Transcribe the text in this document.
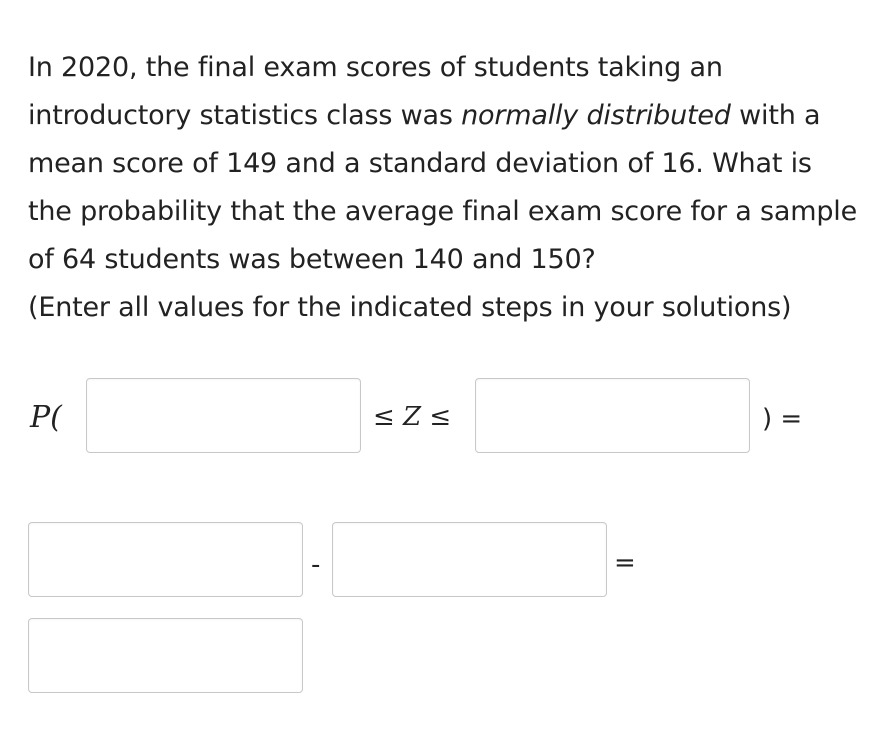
In 2020, the final exam scores of students taking an introductory statistics class was normally distributed with a mean score of 149 and a standard deviation of 16. What is the probability that the average final exam score for a sample of 64 students was between 140 and 150?

(Enter all values for the indicated steps in your solutions)

P(	≤ Z ≤	) =
-	=
